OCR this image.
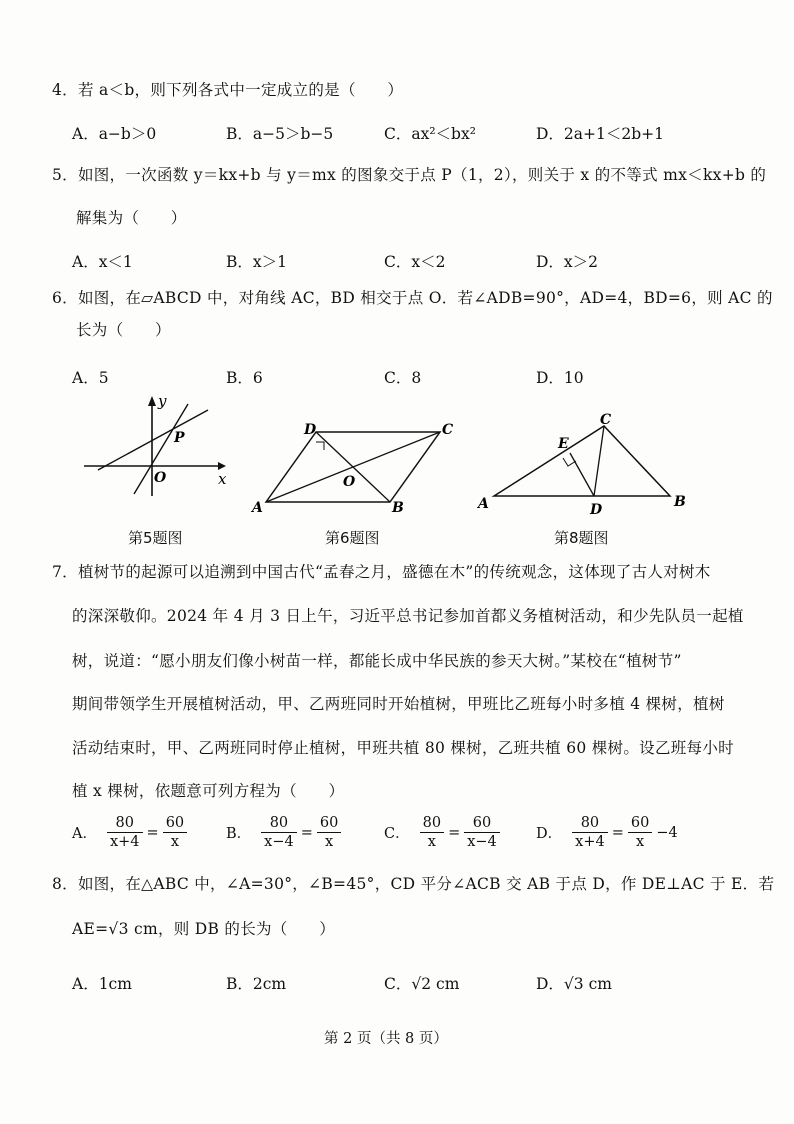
4．若 a＜b，则下列各式中一定成立的是（　　）
A．a−b＞0	B．a−5＞b−5	C．ax²＜bx²	D．2a+1＜2b+1
5．如图，一次函数 y＝kx+b 与 y＝mx 的图象交于点 P（1，2），则关于 x 的不等式 mx＜kx+b 的
解集为（　　）
A．x＜1	B．x＞1	C．x＜2	D．x＞2
6．如图，在▱ABCD 中，对角线 AC，BD 相交于点 O．若∠ADB=90°，AD=4，BD=6，则 AC 的
长为（　　）
A．5	B．6	C．8	D．10
y
x
O
P
第5题图
A	B
C
D
O
第6题图
A	B
C
D
E
第8题图
7．植树节的起源可以追溯到中国古代“孟春之月，盛德在木”的传统观念，这体现了古人对树木
的深深敬仰。2024 年 4 月 3 日上午，习近平总书记参加首都义务植树活动，和少先队员一起植
树，说道：“愿小朋友们像小树苗一样，都能长成中华民族的参天大树。”某校在“植树节”
期间带领学生开展植树活动，甲、乙两班同时开始植树，甲班比乙班每小时多植 4 棵树，植树
活动结束时，甲、乙两班同时停止植树，甲班共植 80 棵树，乙班共植 60 棵树。设乙班每小时
植 x 棵树，依题意可列方程为（　　）
A． $\frac{80}{x+4} = \frac{60}{x}$	B． $\frac{80}{x-4} = \frac{60}{x}$	C． $\frac{80}{x} = \frac{60}{x-4}$ D． $\frac{80}{x+4} = \frac{60}{x} -4$
8．如图，在△ABC 中，∠A=30°，∠B=45°，CD 平分∠ACB 交 AB 于点 D，作 DE⊥AC 于 E．若
AE=√3 cm，则 DB 的长为（　　）
A．1cm	B．2cm	C．√2 cm	D．√3 cm
第 2 页（共 8 页）
